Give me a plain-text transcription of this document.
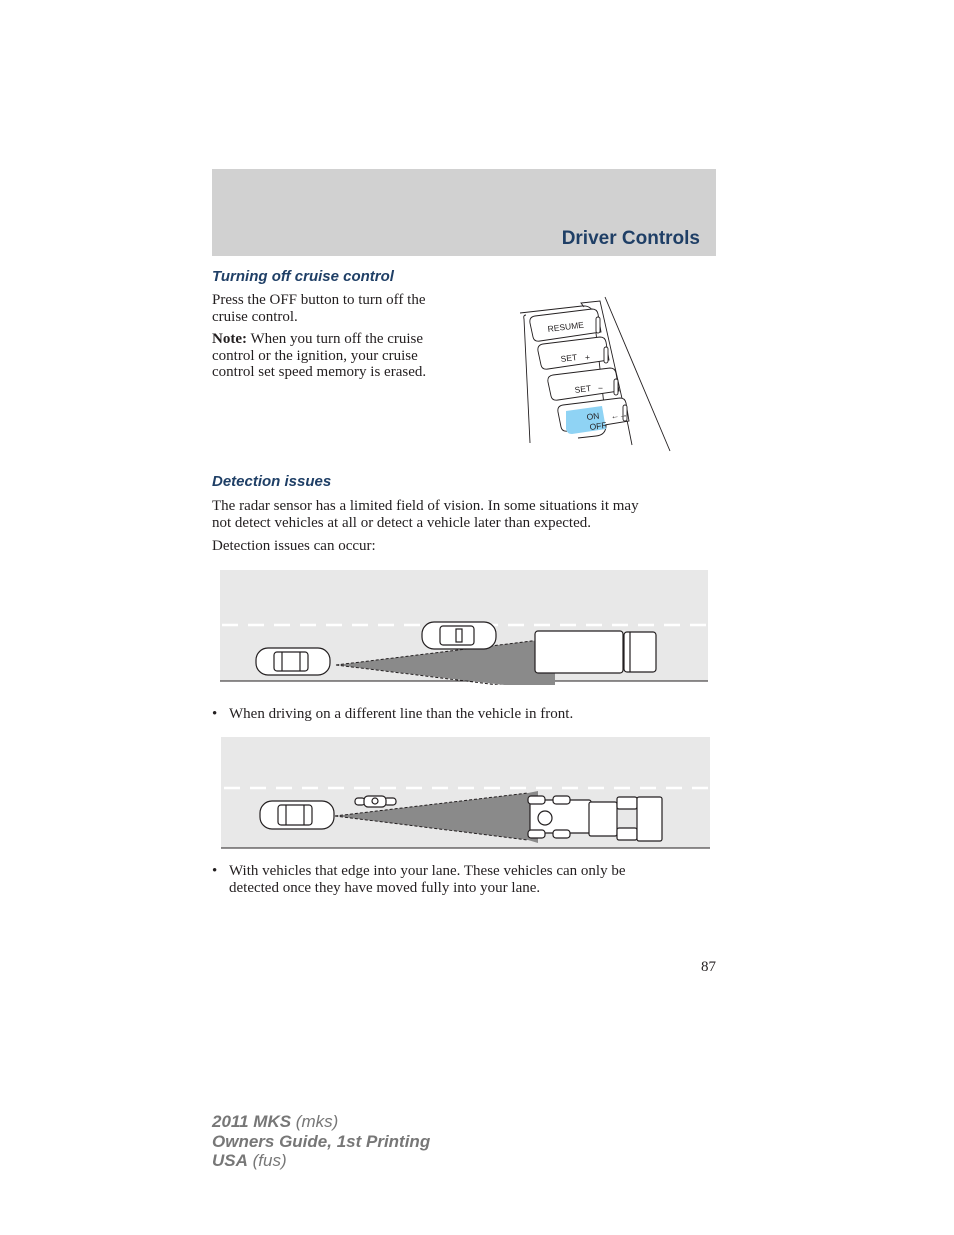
Driver Controls
Turning off cruise control

Press the OFF button to turn off the
cruise control.

Note: When you turn off the cruise
control or the ignition, your cruise
control set speed memory is erased.

RESUME
SET +
SET −
ON
OFF
←→
Detection issues

The radar sensor has a limited field of vision. In some situations it may
not detect vehicles at all or detect a vehicle later than expected.

Detection issues can occur:

• When driving on a different line than the vehicle in front.

• With vehicles that edge into your lane. These vehicles can only be
detected once they have moved fully into your lane.
87
2011 MKS (mks)
Owners Guide, 1st Printing
USA (fus)
